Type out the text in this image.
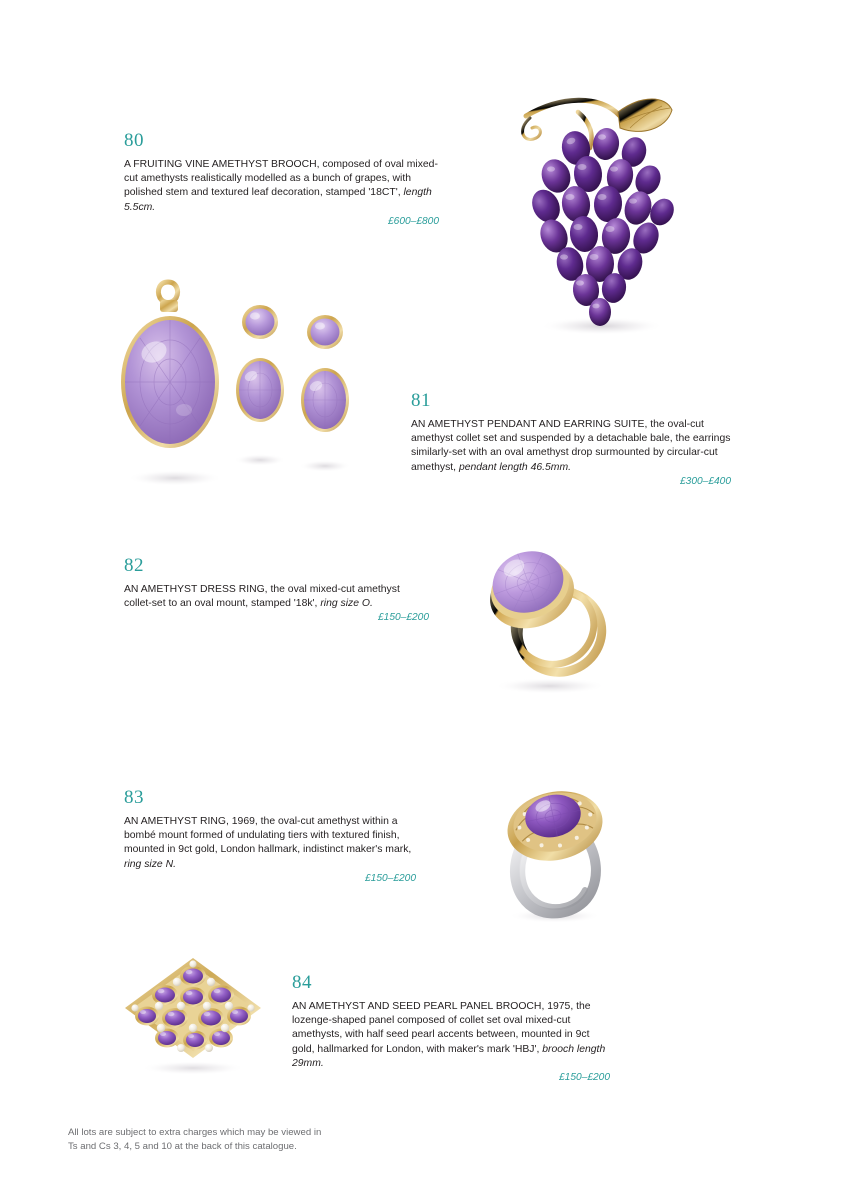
80
A FRUITING VINE AMETHYST BROOCH, composed of oval mixed-cut amethysts realistically modelled as a bunch of grapes, with polished stem and textured leaf decoration, stamped '18CT', length 5.5cm.
£600–£800
81
AN AMETHYST PENDANT AND EARRING SUITE, the oval-cut amethyst collet set and suspended by a detachable bale, the earrings similarly-set with an oval amethyst drop surmounted by circular-cut amethyst, pendant length 46.5mm.
£300–£400
82
AN AMETHYST DRESS RING, the oval mixed-cut amethyst collet-set to an oval mount, stamped '18k', ring size O.
£150–£200
83
AN AMETHYST RING, 1969, the oval-cut amethyst within a bombé mount formed of undulating tiers with textured finish, mounted in 9ct gold, London hallmark, indistinct maker's mark, ring size N.
£150–£200
84
AN AMETHYST AND SEED PEARL PANEL BROOCH, 1975, the lozenge-shaped panel composed of collet set oval mixed-cut amethysts, with half seed pearl accents between, mounted in 9ct gold, hallmarked for London, with maker's mark 'HBJ', brooch length 29mm.
£150–£200
All lots are subject to extra charges which may be viewed in
Ts and Cs 3, 4, 5 and 10 at the back of this catalogue.
